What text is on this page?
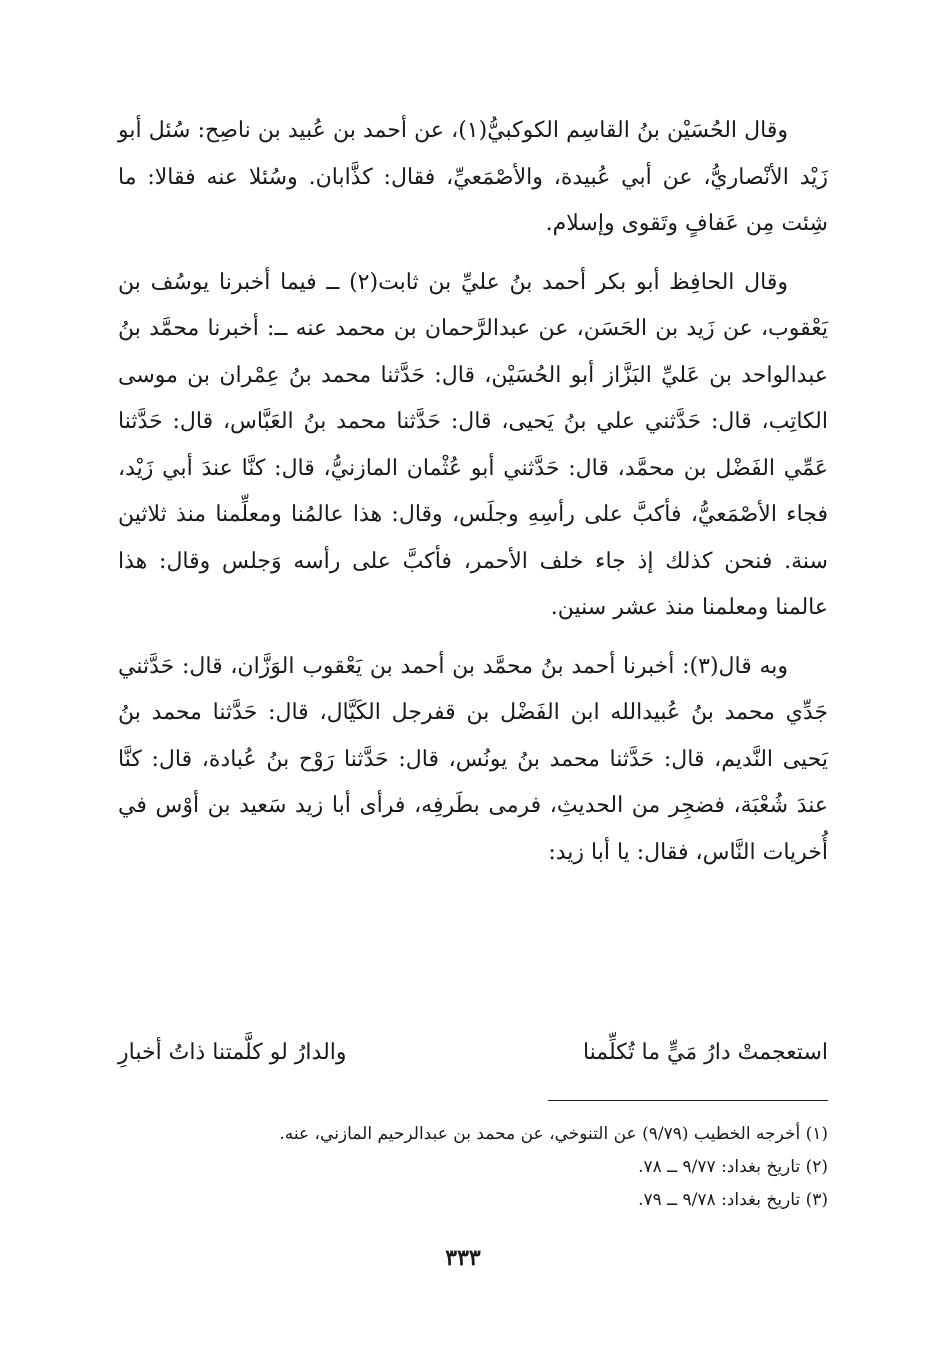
وقال الحُسَيْن بنُ القاسِم الكوكبيُّ(١)، عن أحمد بن عُبيد بن ناصِح: سُئل أبو زَيْد الأنْصاريُّ، عن أبي عُبيدة، والأصْمَعيِّ، فقال: كذَّابان. وسُئلا عنه فقالا: ما شِئت مِن عَفافٍ وتَقوى وإسلام.

وقال الحافِظ أبو بكر أحمد بنُ عليِّ بن ثابت(٢) ــ فيما أخبرنا يوسُف بن يَعْقوب، عن زَيد بن الحَسَن، عن عبدالرَّحمان بن محمد عنه ــ: أخبرنا محمَّد بنُ عبدالواحد بن عَليِّ البَزَّاز أبو الحُسَيْن، قال: حَدَّثنا محمد بنُ عِمْران بن موسى الكاتِب، قال: حَدَّثني علي بنُ يَحيى، قال: حَدَّثنا محمد بنُ العَبَّاس، قال: حَدَّثنا عَمِّي الفَضْل بن محمَّد، قال: حَدَّثني أبو عُثْمان المازنيُّ، قال: كنَّا عندَ أبي زَيْد، فجاء الأصْمَعيُّ، فأكبَّ على رأسِهِ وجلَس، وقال: هذا عالمُنا ومعلِّمنا منذ ثلاثين سنة. فنحن كذلك إذ جاء خلف الأحمر، فأكبَّ على رأسه وَجلس وقال: هذا عالمنا ومعلمنا منذ عشر سنين.

وبه قال(٣): أخبرنا أحمد بنُ محمَّد بن أحمد بن يَعْقوب الوَزَّان، قال: حَدَّثني جَدِّي محمد بنُ عُبيدالله ابن الفَضْل بن قفرجل الكَيَّال، قال: حَدَّثنا محمد بنُ يَحيى النَّديم، قال: حَدَّثنا محمد بنُ يونُس، قال: حَدَّثنا رَوْح بنُ عُبادة، قال: كنَّا عندَ شُعْبَة، فضجِر من الحديثِ، فرمى بطَرفِه، فرأى أبا زيد سَعيد بن أوْس في أُخريات النَّاس، فقال: يا أبا زيد:

استعجمتْ دارُ مَيٍّ ما تُكلِّمنا
والدارُ لو كلَّمتنا ذاتُ أخبارِ
(١) أخرجه الخطيب (٩/٧٩) عن التنوخي، عن محمد بن عبدالرحيم المازني، عنه.
(٢) تاريخ بغداد: ٩/٧٧ ــ ٧٨.
(٣) تاريخ بغداد: ٩/٧٨ ــ ٧٩.
٣٣٣
